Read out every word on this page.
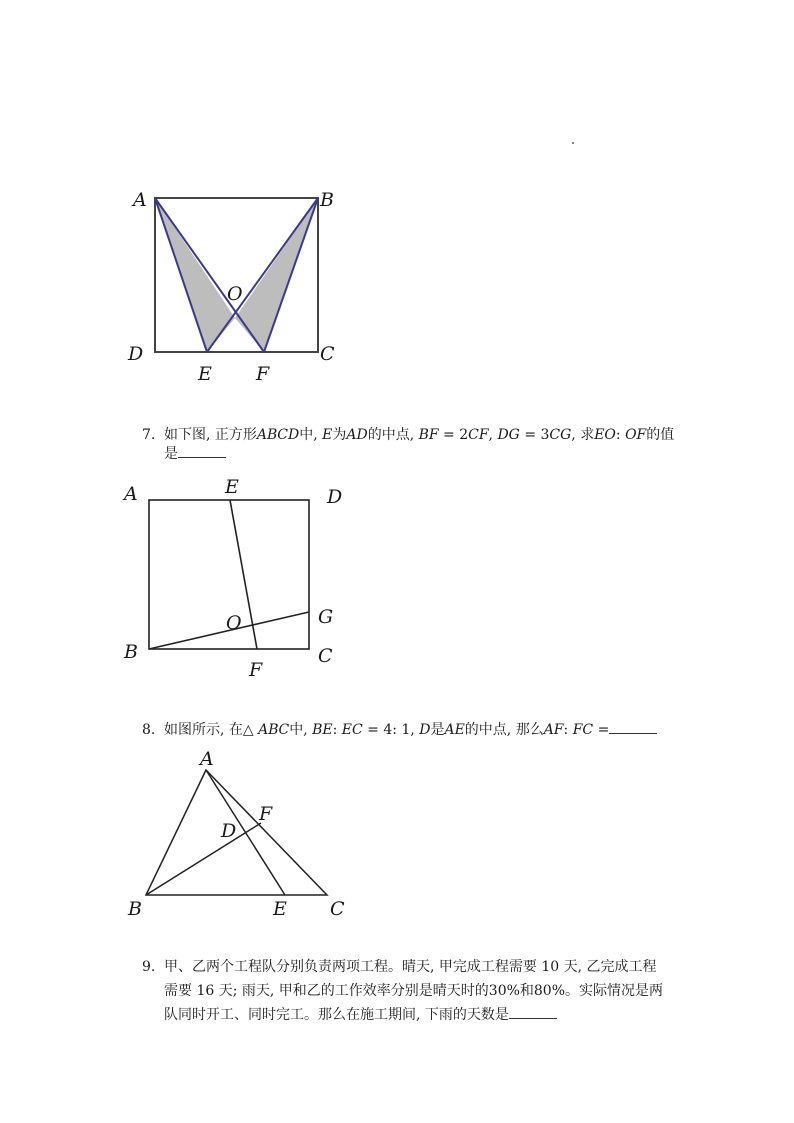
A	B
C
D
E F
O
7. 如下图, 正方形𝐴𝐵𝐶𝐷中, 𝐸为𝐴𝐷的中点, 𝐵𝐹 = 2𝐶𝐹, 𝐷𝐺 = 3𝐶𝐺, 求𝐸𝑂: 𝑂𝐹的值
是
A	E	D
O	G
B	C
F
8. 如图所示, 在△ 𝐴𝐵𝐶中, 𝐵𝐸: 𝐸𝐶 = 4: 1, 𝐷是𝐴𝐸的中点, 那么𝐴𝐹: 𝐹𝐶 =
A
F
D
B	E C
9. 甲、乙两个工程队分别负责两项工程。晴天, 甲完成工程需要 10 天, 乙完成工程需要 16 天; 雨天, 甲和乙的工作效率分别是晴天时的30%和80%。实际情况是两队同时开工、同时完工。那么在施工期间, 下雨的天数是
